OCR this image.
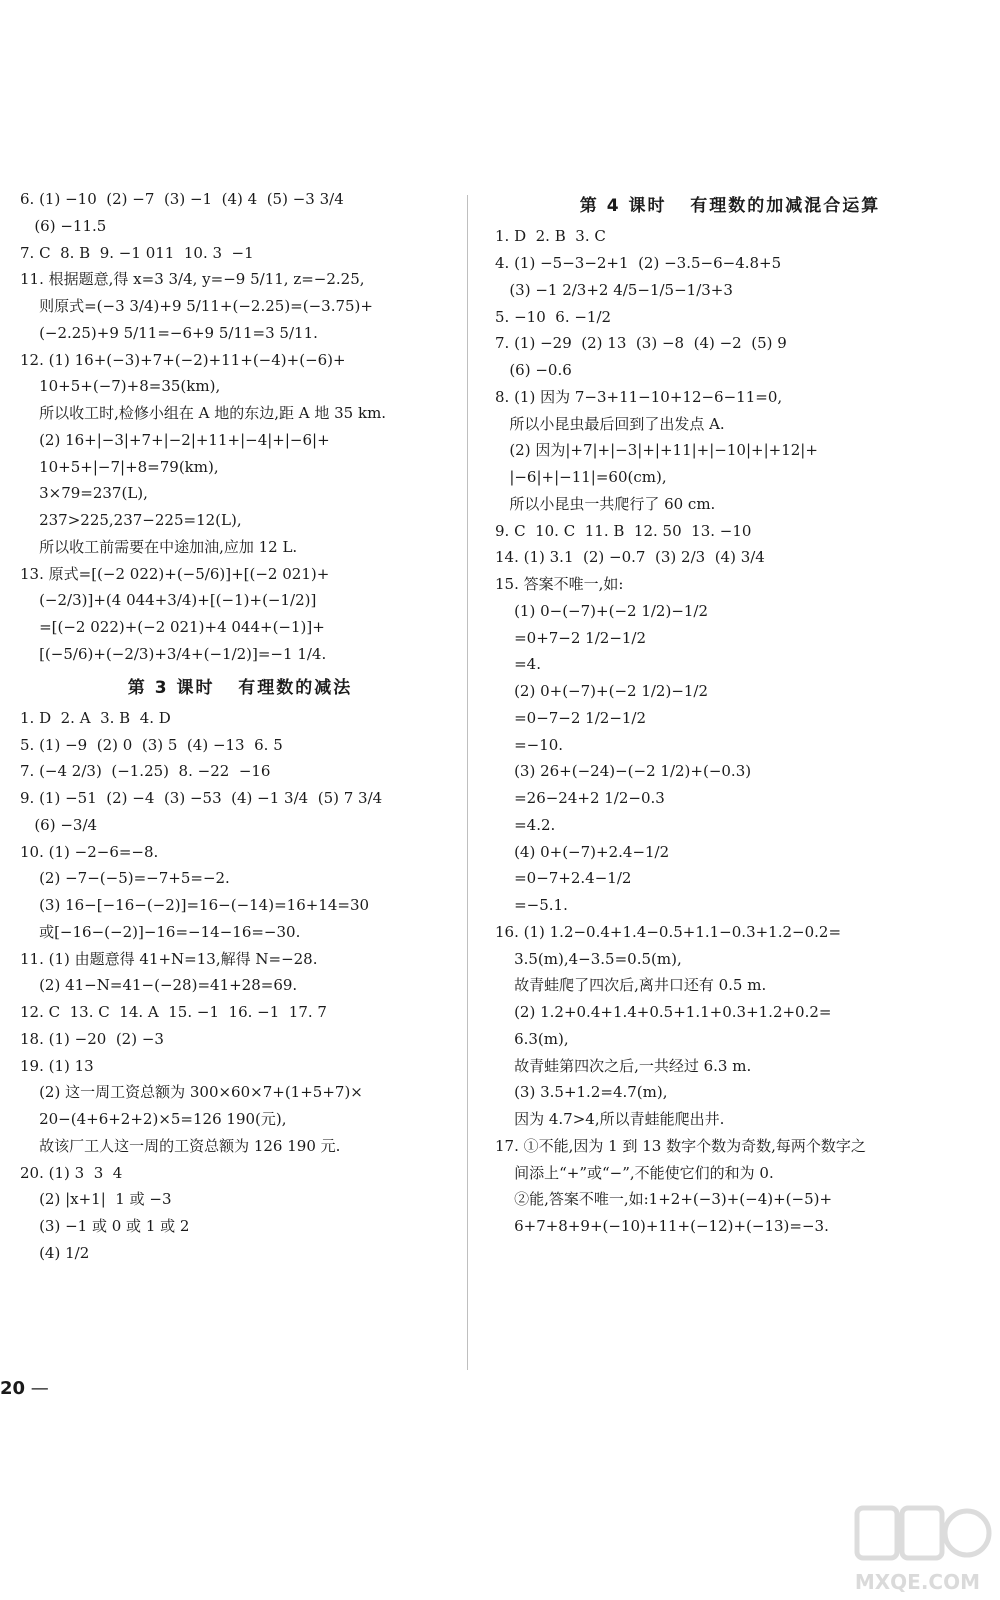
6. (1) −10  (2) −7  (3) −1  (4) 4  (5) −3 3/4
(6) −11.5
7. C  8. B  9. −1 011  10. 3  −1
11. 根据题意,得 x=3 3/4, y=−9 5/11, z=−2.25,
则原式=(−3 3/4)+9 5/11+(−2.25)=(−3.75)+
(−2.25)+9 5/11=−6+9 5/11=3 5/11.
12. (1) 16+(−3)+7+(−2)+11+(−4)+(−6)+
10+5+(−7)+8=35(km),
所以收工时,检修小组在 A 地的东边,距 A 地 35 km.
(2) 16+|−3|+7+|−2|+11+|−4|+|−6|+
10+5+|−7|+8=79(km),
3×79=237(L),
237>225,237−225=12(L),
所以收工前需要在中途加油,应加 12 L.
13. 原式=[(−2 022)+(−5/6)]+[(−2 021)+
(−2/3)]+(4 044+3/4)+[(−1)+(−1/2)]
=[(−2 022)+(−2 021)+4 044+(−1)]+
[(−5/6)+(−2/3)+3/4+(−1/2)]=−1 1/4.
第 3 课时   有理数的减法
1. D  2. A  3. B  4. D
5. (1) −9  (2) 0  (3) 5  (4) −13  6. 5
7. (−4 2/3)  (−1.25)  8. −22  −16
9. (1) −51  (2) −4  (3) −53  (4) −1 3/4  (5) 7 3/4
(6) −3/4
10. (1) −2−6=−8.
(2) −7−(−5)=−7+5=−2.
(3) 16−[−16−(−2)]=16−(−14)=16+14=30
或[−16−(−2)]−16=−14−16=−30.
11. (1) 由题意得 41+N=13,解得 N=−28.
(2) 41−N=41−(−28)=41+28=69.
12. C  13. C  14. A  15. −1  16. −1  17. 7
18. (1) −20  (2) −3
19. (1) 13
(2) 这一周工资总额为 300×60×7+(1+5+7)×
20−(4+6+2+2)×5=126 190(元),
故该厂工人这一周的工资总额为 126 190 元.
20. (1) 3  3  4
(2) |x+1|  1 或 −3
(3) −1 或 0 或 1 或 2
(4) 1/2
第 4 课时   有理数的加减混合运算
1. D  2. B  3. C
4. (1) −5−3−2+1  (2) −3.5−6−4.8+5
(3) −1 2/3+2 4/5−1/5−1/3+3
5. −10  6. −1/2
7. (1) −29  (2) 13  (3) −8  (4) −2  (5) 9
(6) −0.6
8. (1) 因为 7−3+11−10+12−6−11=0,
所以小昆虫最后回到了出发点 A.
(2) 因为|+7|+|−3|+|+11|+|−10|+|+12|+
|−6|+|−11|=60(cm),
所以小昆虫一共爬行了 60 cm.
9. C  10. C  11. B  12. 50  13. −10
14. (1) 3.1  (2) −0.7  (3) 2/3  (4) 3/4
15. 答案不唯一,如:
(1) 0−(−7)+(−2 1/2)−1/2
=0+7−2 1/2−1/2
=4.
(2) 0+(−7)+(−2 1/2)−1/2
=0−7−2 1/2−1/2
=−10.
(3) 26+(−24)−(−2 1/2)+(−0.3)
=26−24+2 1/2−0.3
=4.2.
(4) 0+(−7)+2.4−1/2
=0−7+2.4−1/2
=−5.1.
16. (1) 1.2−0.4+1.4−0.5+1.1−0.3+1.2−0.2=
3.5(m),4−3.5=0.5(m),
故青蛙爬了四次后,离井口还有 0.5 m.
(2) 1.2+0.4+1.4+0.5+1.1+0.3+1.2+0.2=
6.3(m),
故青蛙第四次之后,一共经过 6.3 m.
(3) 3.5+1.2=4.7(m),
因为 4.7>4,所以青蛙能爬出井.
17. ①不能,因为 1 到 13 数字个数为奇数,每两个数字之
间添上“+”或“−”,不能使它们的和为 0.
②能,答案不唯一,如:1+2+(−3)+(−4)+(−5)+
6+7+8+9+(−10)+11+(−12)+(−13)=−3.
20 —
MXQE.COM
